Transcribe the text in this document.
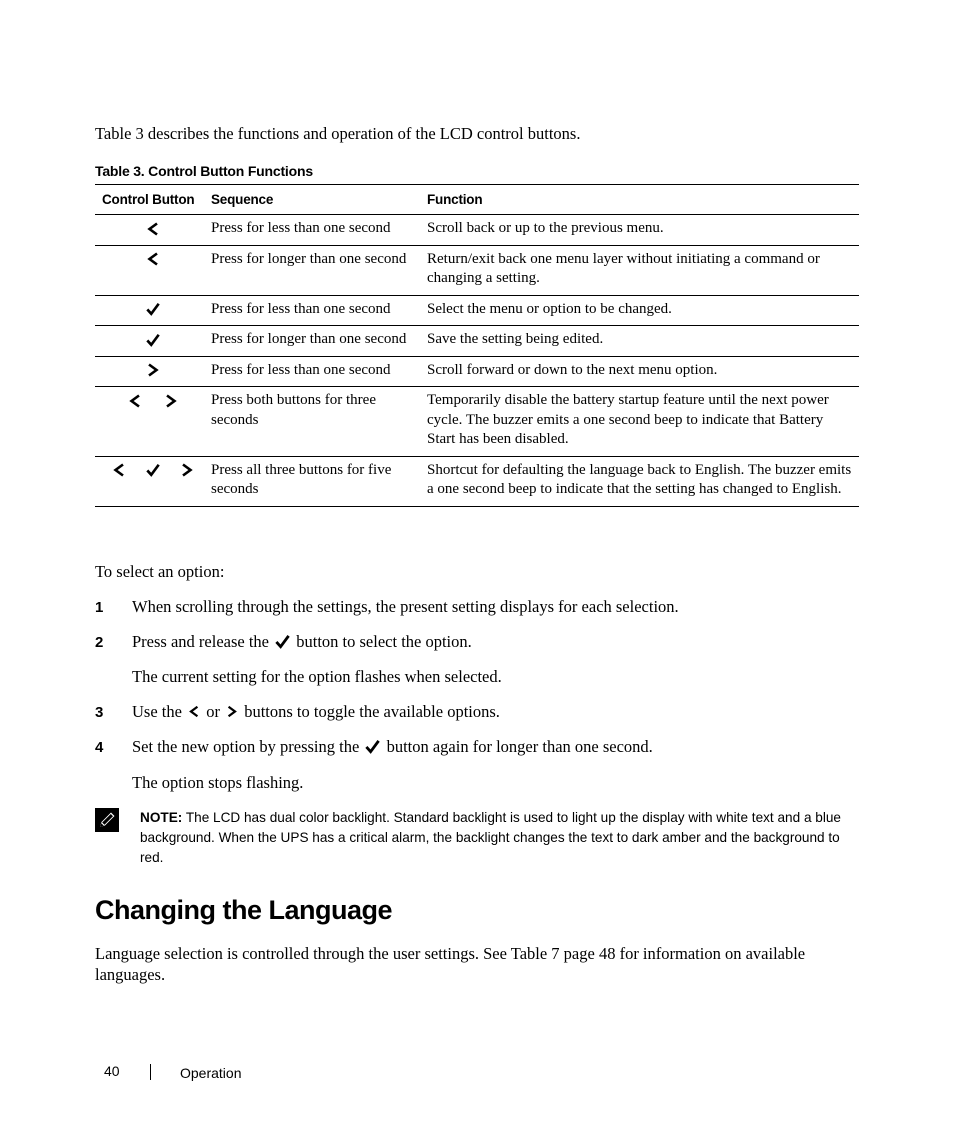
Table 3 describes the functions and operation of the LCD control buttons.
Table 3. Control Button Functions
Control Button	Sequence	Function

	Press for less than one second	Scroll back or up to the previous menu.

	Press for longer than one second	Return/exit back one menu layer without initiating a command or changing a setting.

	Press for less than one second	Select the menu or option to be changed.

	Press for longer than one second	Save the setting being edited.

	Press for less than one second	Scroll forward or down to the next menu option.

	Press both buttons for three seconds	Temporarily disable the battery startup feature until the next power cycle. The buzzer emits a one second beep to indicate that Battery Start has been disabled.

	Press all three buttons for five seconds	Shortcut for defaulting the language back to English. The buzzer emits a one second beep to indicate that the setting has changed to English.
To select an option:
1 When scrolling through the settings, the present setting displays for each selection.
2 Press and release the button to select the option.
The current setting for the option flashes when selected.
3 Use the or buttons to toggle the available options.
4 Set the new option by pressing the button again for longer than one second.
The option stops flashing.
NOTE: The LCD has dual color backlight. Standard backlight is used to light up the display with white text and a blue background. When the UPS has a critical alarm, the backlight changes the text to dark amber and the background to red.
Changing the Language
Language selection is controlled through the user settings. See Table 7 page 48 for information on available languages.
40	Operation
